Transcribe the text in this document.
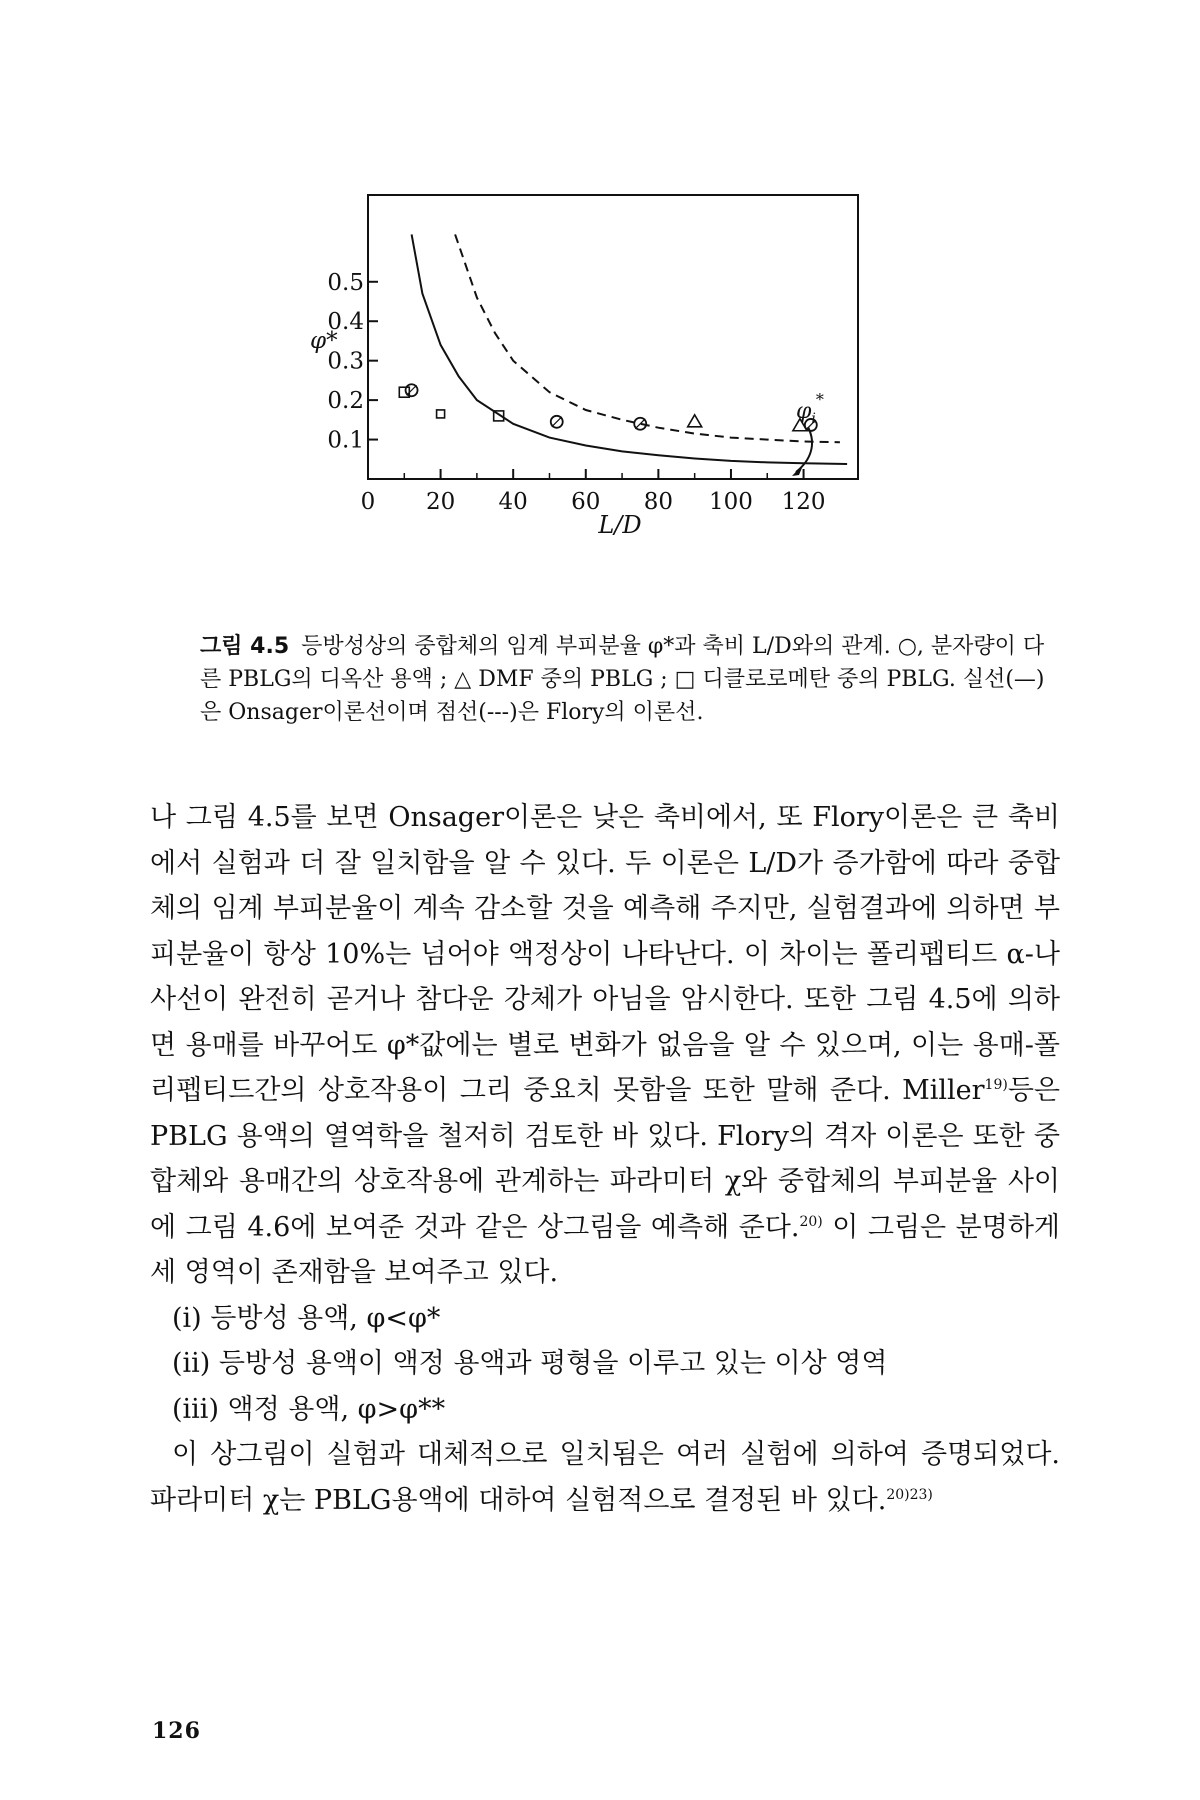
0.1
0.2
0.3
0.4
0.5
0 20 40 60 80 100 120
φ*
L/D
$\varphi_i^*$
그림 4.5 등방성상의 중합체의 임계 부피분율 φ*과 축비 L/D와의 관계. ○, 분자량이 다른 PBLG의 디옥산 용액 ; △ DMF 중의 PBLG ; □ 디클로로메탄 중의 PBLG. 실선(—)은 Onsager이론선이며 점선(---)은 Flory의 이론선.

나 그림 4.5를 보면 Onsager이론은 낮은 축비에서, 또 Flory이론은 큰 축비에서 실험과 더 잘 일치함을 알 수 있다. 두 이론은 L/D가 증가함에 따라 중합체의 임계 부피분율이 계속 감소할 것을 예측해 주지만, 실험결과에 의하면 부피분율이 항상 10%는 넘어야 액정상이 나타난다. 이 차이는 폴리펩티드 α-나사선이 완전히 곧거나 참다운 강체가 아님을 암시한다. 또한 그림 4.5에 의하면 용매를 바꾸어도 φ*값에는 별로 변화가 없음을 알 수 있으며, 이는 용매-폴리펩티드간의 상호작용이 그리 중요치 못함을 또한 말해 준다. Miller$^{19)}$등은 PBLG 용액의 열역학을 철저히 검토한 바 있다. Flory의 격자 이론은 또한 중합체와 용매간의 상호작용에 관계하는 파라미터 χ와 중합체의 부피분율 사이에 그림 4.6에 보여준 것과 같은 상그림을 예측해 준다.$^{20)}$ 이 그림은 분명하게 세 영역이 존재함을 보여주고 있다.

(i) 등방성 용액, φ<φ*

(ii) 등방성 용액이 액정 용액과 평형을 이루고 있는 이상 영역

(iii) 액정 용액, φ>φ**

이 상그림이 실험과 대체적으로 일치됨은 여러 실험에 의하여 증명되었다. 파라미터 χ는 PBLG용액에 대하여 실험적으로 결정된 바 있다.$^{20)23)}$

126
